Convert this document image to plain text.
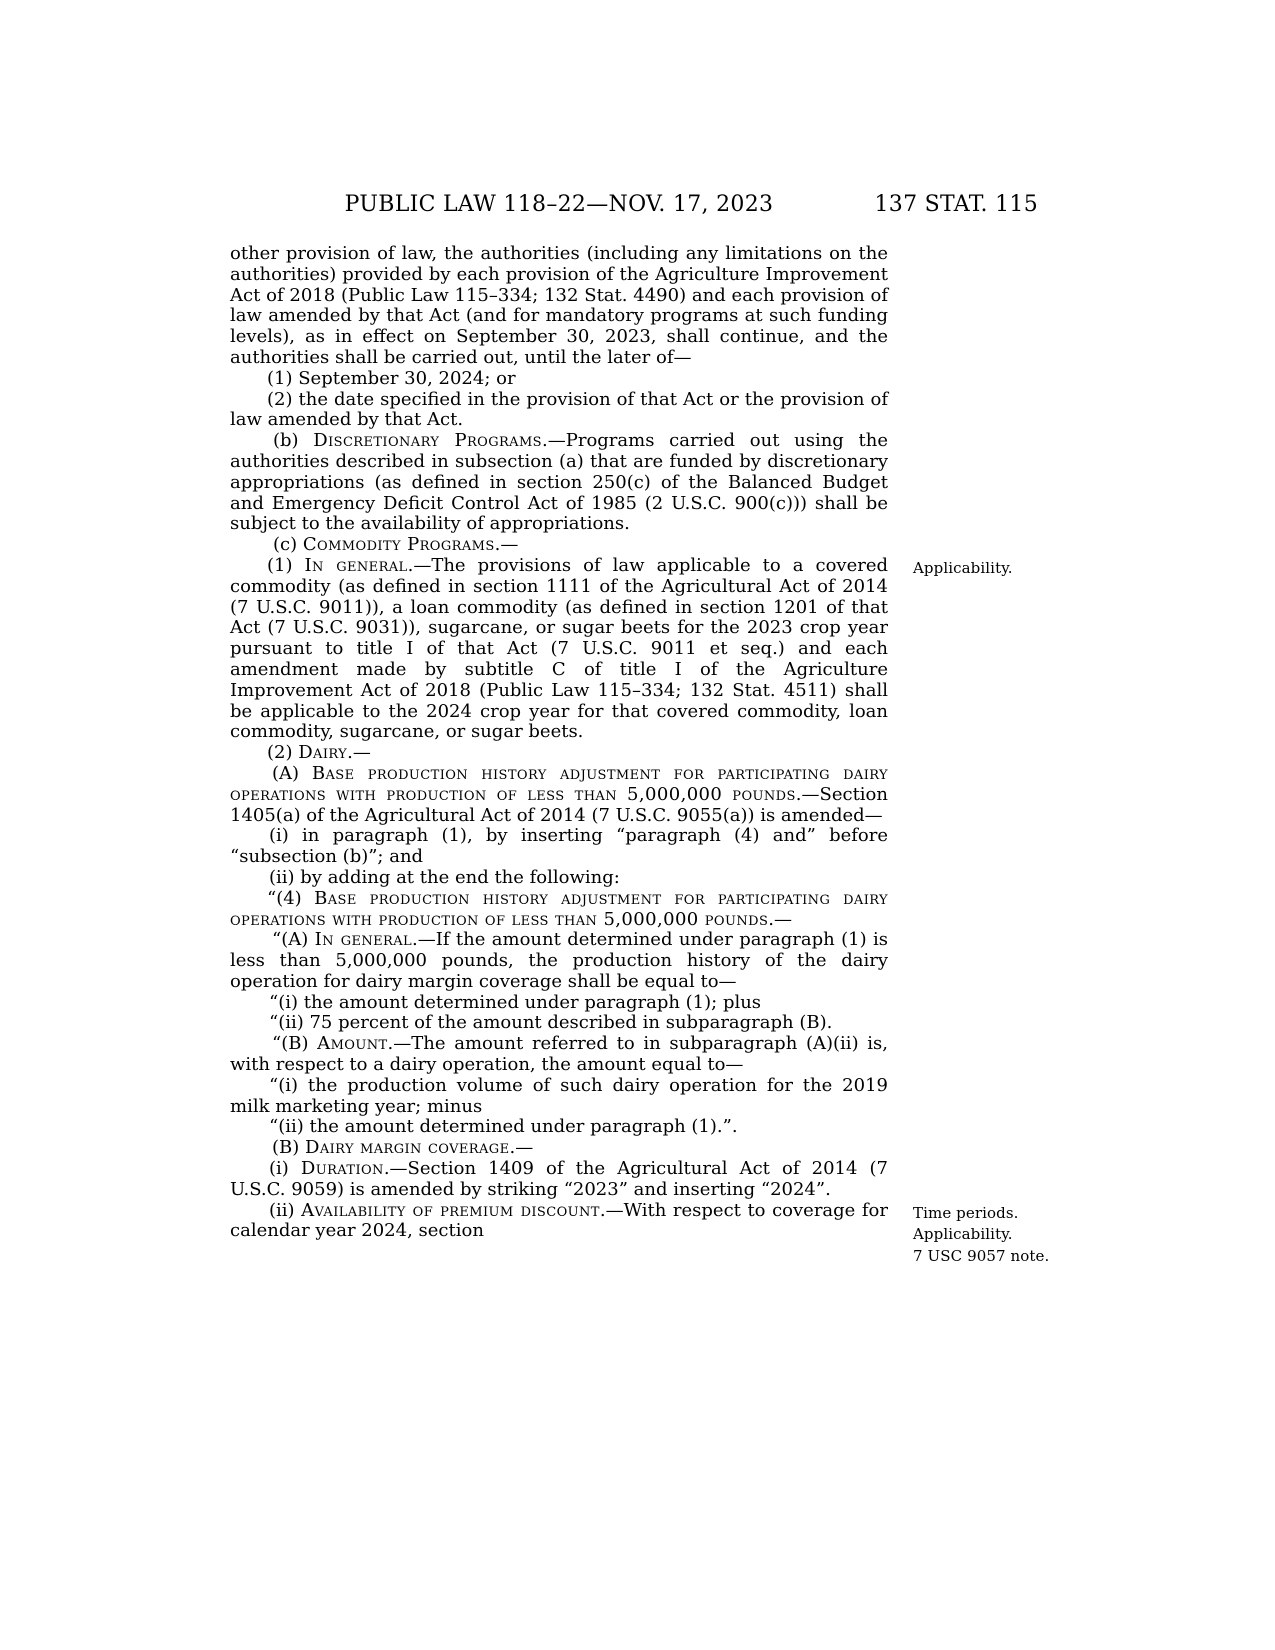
PUBLIC LAW 118–22—NOV. 17, 2023	137 STAT. 115

other provision of law, the authorities (including any limitations on the authorities) provided by each provision of the Agriculture Improvement Act of 2018 (Public Law 115–334; 132 Stat. 4490) and each provision of law amended by that Act (and for mandatory programs at such funding levels), as in effect on September 30, 2023, shall continue, and the authorities shall be carried out, until the later of—

(1) September 30, 2024; or

(2) the date specified in the provision of that Act or the provision of law amended by that Act.

(b) Discretionary Programs.—Programs carried out using the authorities described in subsection (a) that are funded by discretionary appropriations (as defined in section 250(c) of the Balanced Budget and Emergency Deficit Control Act of 1985 (2 U.S.C. 900(c))) shall be subject to the availability of appropriations.

(c) Commodity Programs.—

(1) In general.—The provisions of law applicable to a covered commodity (as defined in section 1111 of the Agricultural Act of 2014 (7 U.S.C. 9011)), a loan commodity (as defined in section 1201 of that Act (7 U.S.C. 9031)), sugarcane, or sugar beets for the 2023 crop year pursuant to title I of that Act (7 U.S.C. 9011 et seq.) and each amendment made by subtitle C of title I of the Agriculture Improvement Act of 2018 (Public Law 115–334; 132 Stat. 4511) shall be applicable to the 2024 crop year for that covered commodity, loan commodity, sugarcane, or sugar beets.
Applicability.

(2) Dairy.—

(A) Base production history adjustment for participating dairy operations with production of less than 5,000,000 pounds.—Section 1405(a) of the Agricultural Act of 2014 (7 U.S.C. 9055(a)) is amended—

(i) in paragraph (1), by inserting “paragraph (4) and” before “subsection (b)”; and

(ii) by adding at the end the following:

“(4) Base production history adjustment for participating dairy operations with production of less than 5,000,000 pounds.—

“(A) In general.—If the amount determined under paragraph (1) is less than 5,000,000 pounds, the production history of the dairy operation for dairy margin coverage shall be equal to—

“(i) the amount determined under paragraph (1); plus

“(ii) 75 percent of the amount described in subparagraph (B).

“(B) Amount.—The amount referred to in subparagraph (A)(ii) is, with respect to a dairy operation, the amount equal to—

“(i) the production volume of such dairy operation for the 2019 milk marketing year; minus

“(ii) the amount determined under paragraph (1).”.

(B) Dairy margin coverage.—

(i) Duration.—Section 1409 of the Agricultural Act of 2014 (7 U.S.C. 9059) is amended by striking “2023” and inserting “2024”.

(ii) Availability of premium discount.—With respect to coverage for calendar year 2024, section
Time periods.
Applicability.
7 USC 9057 note.
